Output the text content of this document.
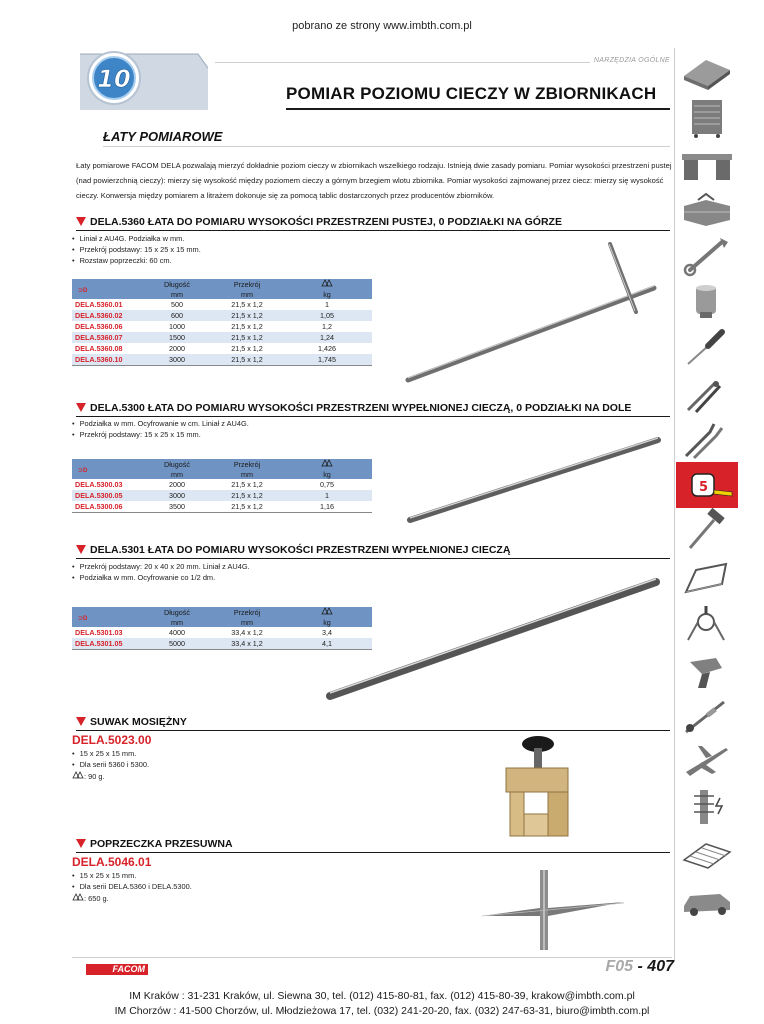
pobrano ze strony www.imbth.com.pl
NARZĘDZIA OGÓLNE
10
POMIAR POZIOMU CIECZY W ZBIORNIKACH
ŁATY POMIAROWE
Łaty pomiarowe FACOM DELA pozwalają mierzyć dokładnie poziom cieczy w zbiornikach wszelkiego rodzaju. Istnieją dwie zasady pomiaru. Pomiar wysokości przestrzeni pustej (nad powierzchnią cieczy): mierzy się wysokość między poziomem cieczy a górnym brzegiem wlotu zbiornika. Pomiar wysokości zajmowanej przez ciecz: mierzy się wysokość cieczy. Konwersja między pomiarem a litrażem dokonuje się za pomocą tablic dostarczonych przez producentów zbiorników.
DELA.5360 ŁATA DO POMIARU WYSOKOŚCI PRZESTRZENI PUSTEJ, 0 PODZIAŁKI NA GÓRZE
• Liniał z AU4G. Podziałka w mm.
• Przekrój podstawy: 15 x 25 x 15 mm.
• Rozstaw poprzeczki: 60 cm.
⊃D	Długość	Przekrój	
	mm	mm	kg
DELA.5360.01	500	21,5 x 1,2	1
DELA.5360.02	600	21,5 x 1,2	1,05
DELA.5360.06	1000	21,5 x 1,2	1,2
DELA.5360.07	1500	21,5 x 1,2	1,24
DELA.5360.08	2000	21,5 x 1,2	1,426
DELA.5360.10	3000	21,5 x 1,2	1,745
DELA.5300 ŁATA DO POMIARU WYSOKOŚCI PRZESTRZENI WYPEŁNIONEJ CIECZĄ, 0 PODZIAŁKI NA DOLE
• Podziałka w mm. Ocyfrowanie w cm. Liniał z AU4G.
• Przekrój podstawy: 15 x 25 x 15 mm.
⊃D	Długość	Przekrój	
	mm	mm	kg
DELA.5300.03	2000	21,5 x 1,2	0,75
DELA.5300.05	3000	21,5 x 1,2	1
DELA.5300.06	3500	21,5 x 1,2	1,16
DELA.5301 ŁATA DO POMIARU WYSOKOŚCI PRZESTRZENI WYPEŁNIONEJ CIECZĄ
• Przekrój podstawy: 20 x 40 x 20 mm. Liniał z AU4G.
• Podziałka w mm. Ocyfrowanie co 1/2 dm.
⊃D	Długość	Przekrój	
	mm	mm	kg
DELA.5301.03	4000	33,4 x 1,2	3,4
DELA.5301.05	5000	33,4 x 1,2	4,1
SUWAK MOSIĘŻNY
DELA.5023.00
• 15 x 25 x 15 mm.
• Dla serii 5360 i 5300.
: 90 g.
POPRZECZKA PRZESUWNA
DELA.5046.01
• 15 x 25 x 15 mm.
• Dla serii DELA.5360 i DELA.5300.
: 650 g.
5
FACOM	F05 - 407
IM Kraków : 31-231 Kraków, ul. Siewna 30, tel. (012) 415-80-81, fax. (012) 415-80-39, krakow@imbth.com.pl
IM Chorzów : 41-500 Chorzów, ul. Młodzieżowa 17, tel. (032) 241-20-20, fax. (032) 247-63-31, biuro@imbth.com.pl
